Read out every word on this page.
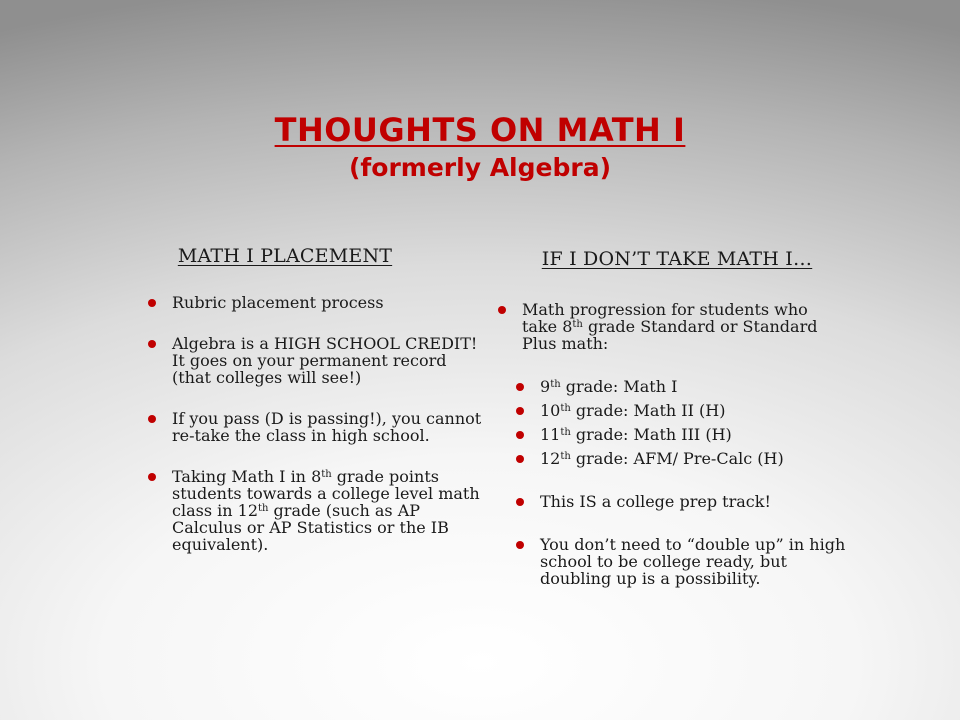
THOUGHTS ON MATH I
(formerly Algebra)
MATH I PLACEMENT
Rubric placement process
Algebra is a HIGH SCHOOL CREDIT! It goes on your permanent record (that colleges will see!)
If you pass (D is passing!), you cannot re-take the class in high school.
Taking Math I in 8th grade points students towards a college level math class in 12th grade (such as AP Calculus or AP Statistics or the IB equivalent).
IF I DON’T TAKE MATH I…
Math progression for students who take 8th grade Standard or Standard Plus math:
9th grade: Math I
10th grade: Math II (H)
11th grade: Math III (H)
12th grade: AFM/ Pre-Calc (H)
This IS a college prep track!
You don’t need to “double up” in high school to be college ready, but doubling up is a possibility.
